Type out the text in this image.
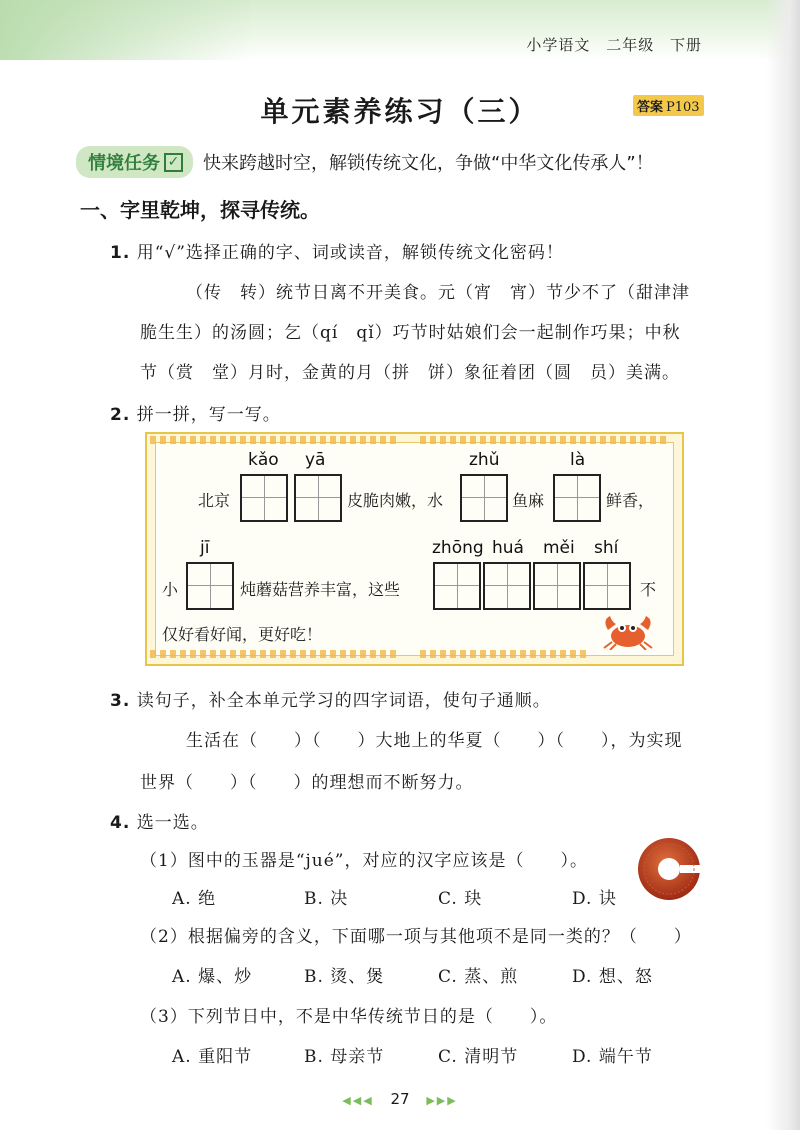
小学语文 二年级 下册
单元素养练习（三）	答案 P103
情境任务 ✓ 快来跨越时空，解锁传统文化，争做“中华文化传承人”！
一、字里乾坤，探寻传统。
1. 用“√”选择正确的字、词或读音，解锁传统文化密码！
（传　转）统节日离不开美食。元（宵　宵）节少不了（甜津津
脆生生）的汤圆；乞（qí　qǐ）巧节时姑娘们会一起制作巧果；中秋
节（赏　堂）月时，金黄的月（拼　饼）象征着团（圆　员）美满。
2. 拼一拼，写一写。
kǎo yā	zhǔ	là
北京	皮脆肉嫩，水	鱼麻	鲜香，
jī	zhōng huá měi shí
小	炖蘑菇营养丰富，这些	不
仅好看好闻，更好吃！
3. 读句子，补全本单元学习的四字词语，使句子通顺。
生活在（　　）（　　）大地上的华夏（　　）（　　），为实现
世界（　　）（　　）的理想而不断努力。
4. 选一选。
（1）图中的玉器是“jué”，对应的汉字应该是（　　）。
A. 绝	B. 决	C. 玦	D. 诀
（2）根据偏旁的含义，下面哪一项与其他项不是同一类的？（　　）
A. 爆、炒	B. 烫、煲	C. 蒸、煎	D. 想、怒
（3）下列节日中，不是中华传统节日的是（　　）。
A. 重阳节	B. 母亲节	C. 清明节	D. 端午节
◀◀◀ 27 ▶▶▶
